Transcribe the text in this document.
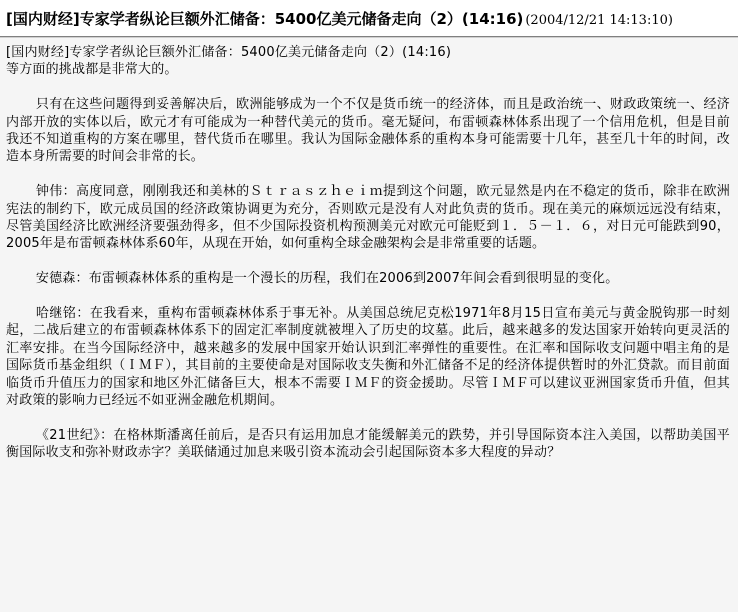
[国内财经]专家学者纵论巨额外汇储备：5400亿美元储备走向（2）(14:16) (2004/12/21 14:13:10)

[国内财经]专家学者纵论巨额外汇储备：5400亿美元储备走向（2）(14:16)

等方面的挑战都是非常大的。

只有在这些问题得到妥善解决后，欧洲能够成为一个不仅是货币统一的经济体，而且是政治统一、财政政策统一、经济内部开放的实体以后，欧元才有可能成为一种替代美元的货币。毫无疑问，布雷顿森林体系出现了一个信用危机，但是目前我还不知道重构的方案在哪里，替代货币在哪里。我认为国际金融体系的重构本身可能需要十几年，甚至几十年的时间，改造本身所需要的时间会非常的长。

钟伟：高度同意，刚刚我还和美林的Ｓｔｒａｓｚｈｅｉｍ提到这个问题，欧元显然是内在不稳定的货币，除非在欧洲宪法的制约下，欧元成员国的经济政策协调更为充分，否则欧元是没有人对此负责的货币。现在美元的麻烦远远没有结束，尽管美国经济比欧洲经济要强劲得多，但不少国际投资机构预测美元对欧元可能贬到１．５－１．６，对日元可能跌到90，2005年是布雷顿森林体系60年，从现在开始，如何重构全球金融架构会是非常重要的话题。

安德森：布雷顿森林体系的重构是一个漫长的历程，我们在2006到2007年间会看到很明显的变化。

哈继铭：在我看来，重构布雷顿森林体系于事无补。从美国总统尼克松1971年8月15日宣布美元与黄金脱钩那一时刻起，二战后建立的布雷顿森林体系下的固定汇率制度就被埋入了历史的坟墓。此后，越来越多的发达国家开始转向更灵活的汇率安排。在当今国际经济中，越来越多的发展中国家开始认识到汇率弹性的重要性。在汇率和国际收支问题中唱主角的是国际货币基金组织（ＩＭＦ），其目前的主要使命是对国际收支失衡和外汇储备不足的经济体提供暂时的外汇贷款。而目前面临货币升值压力的国家和地区外汇储备巨大，根本不需要ＩＭＦ的资金援助。尽管ＩＭＦ可以建议亚洲国家货币升值，但其对政策的影响力已经远不如亚洲金融危机期间。

《21世纪》：在格林斯潘离任前后，是否只有运用加息才能缓解美元的跌势，并引导国际资本注入美国，以帮助美国平衡国际收支和弥补财政赤字？美联储通过加息来吸引资本流动会引起国际资本多大程度的异动？
